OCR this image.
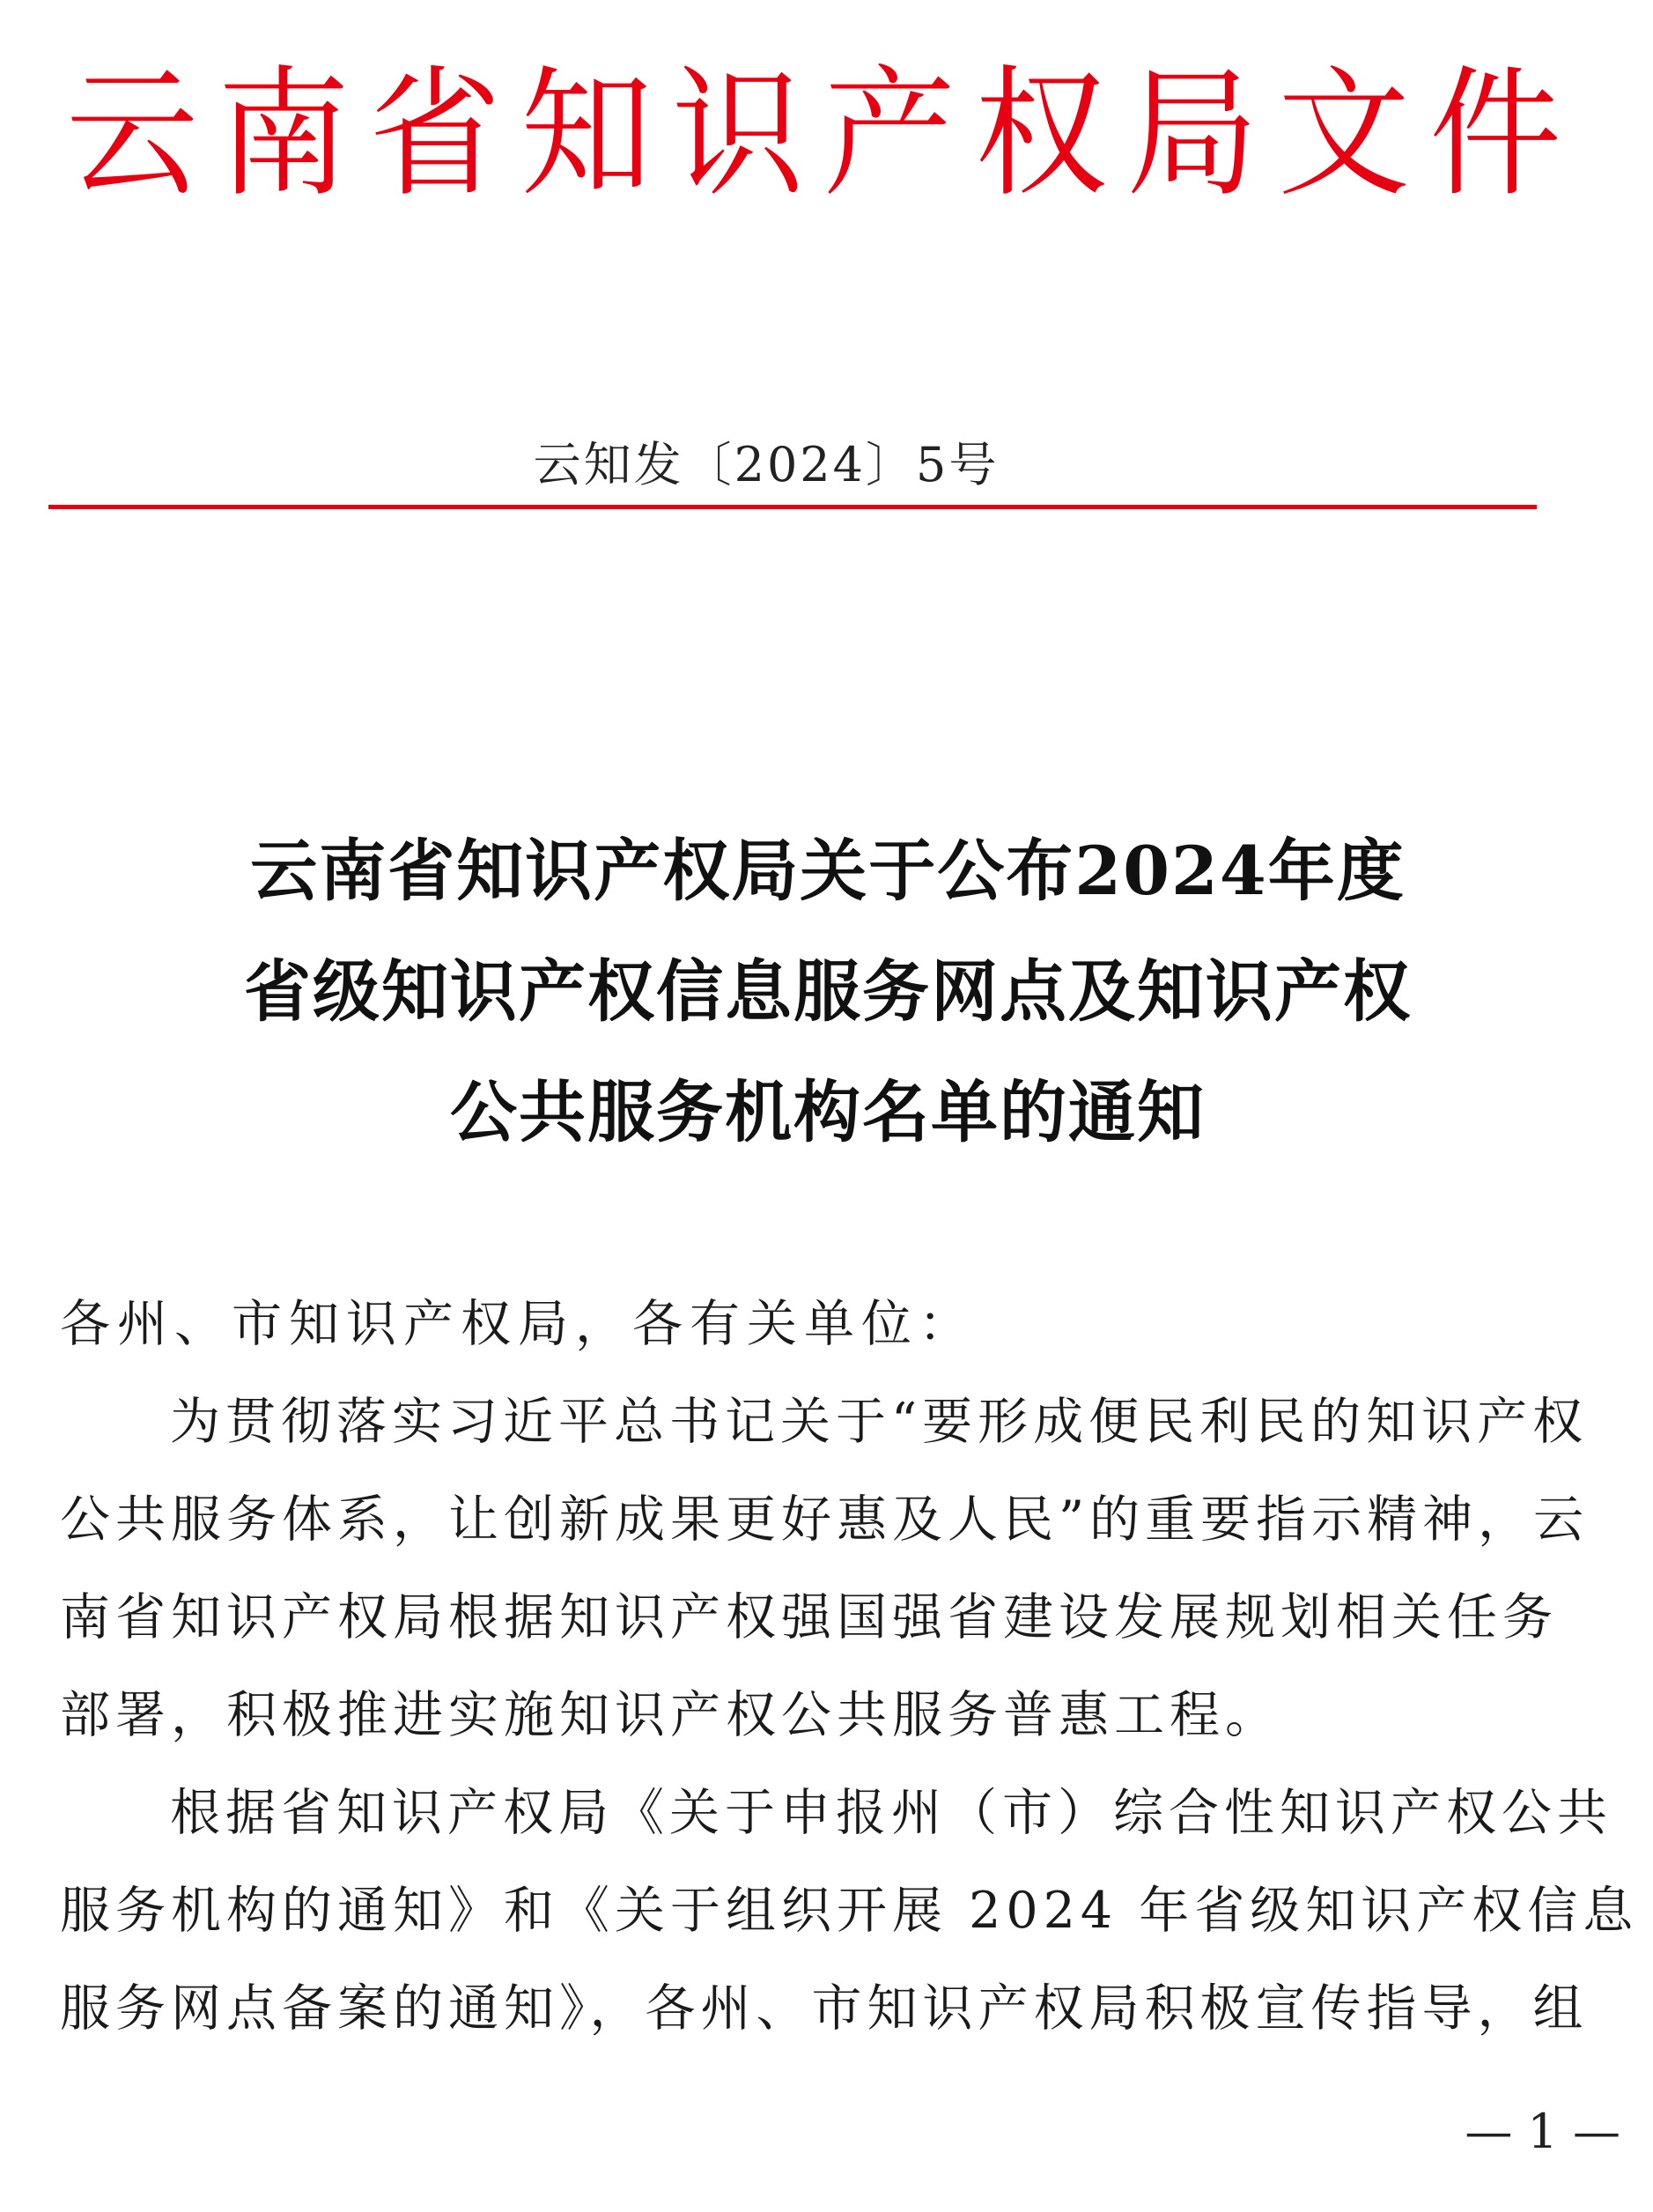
云南省知识产权局文件
云知发〔2024〕5号
云南省知识产权局关于公布2024年度
省级知识产权信息服务网点及知识产权
公共服务机构名单的通知
各州、市知识产权局，各有关单位：
为贯彻落实习近平总书记关于“要形成便民利民的知识产权
公共服务体系，让创新成果更好惠及人民”的重要指示精神，云
南省知识产权局根据知识产权强国强省建设发展规划相关任务
部署，积极推进实施知识产权公共服务普惠工程。
根据省知识产权局《关于申报州（市）综合性知识产权公共
服务机构的通知》和《关于组织开展 2024 年省级知识产权信息
服务网点备案的通知》，各州、市知识产权局积极宣传指导，组
— 1 —
